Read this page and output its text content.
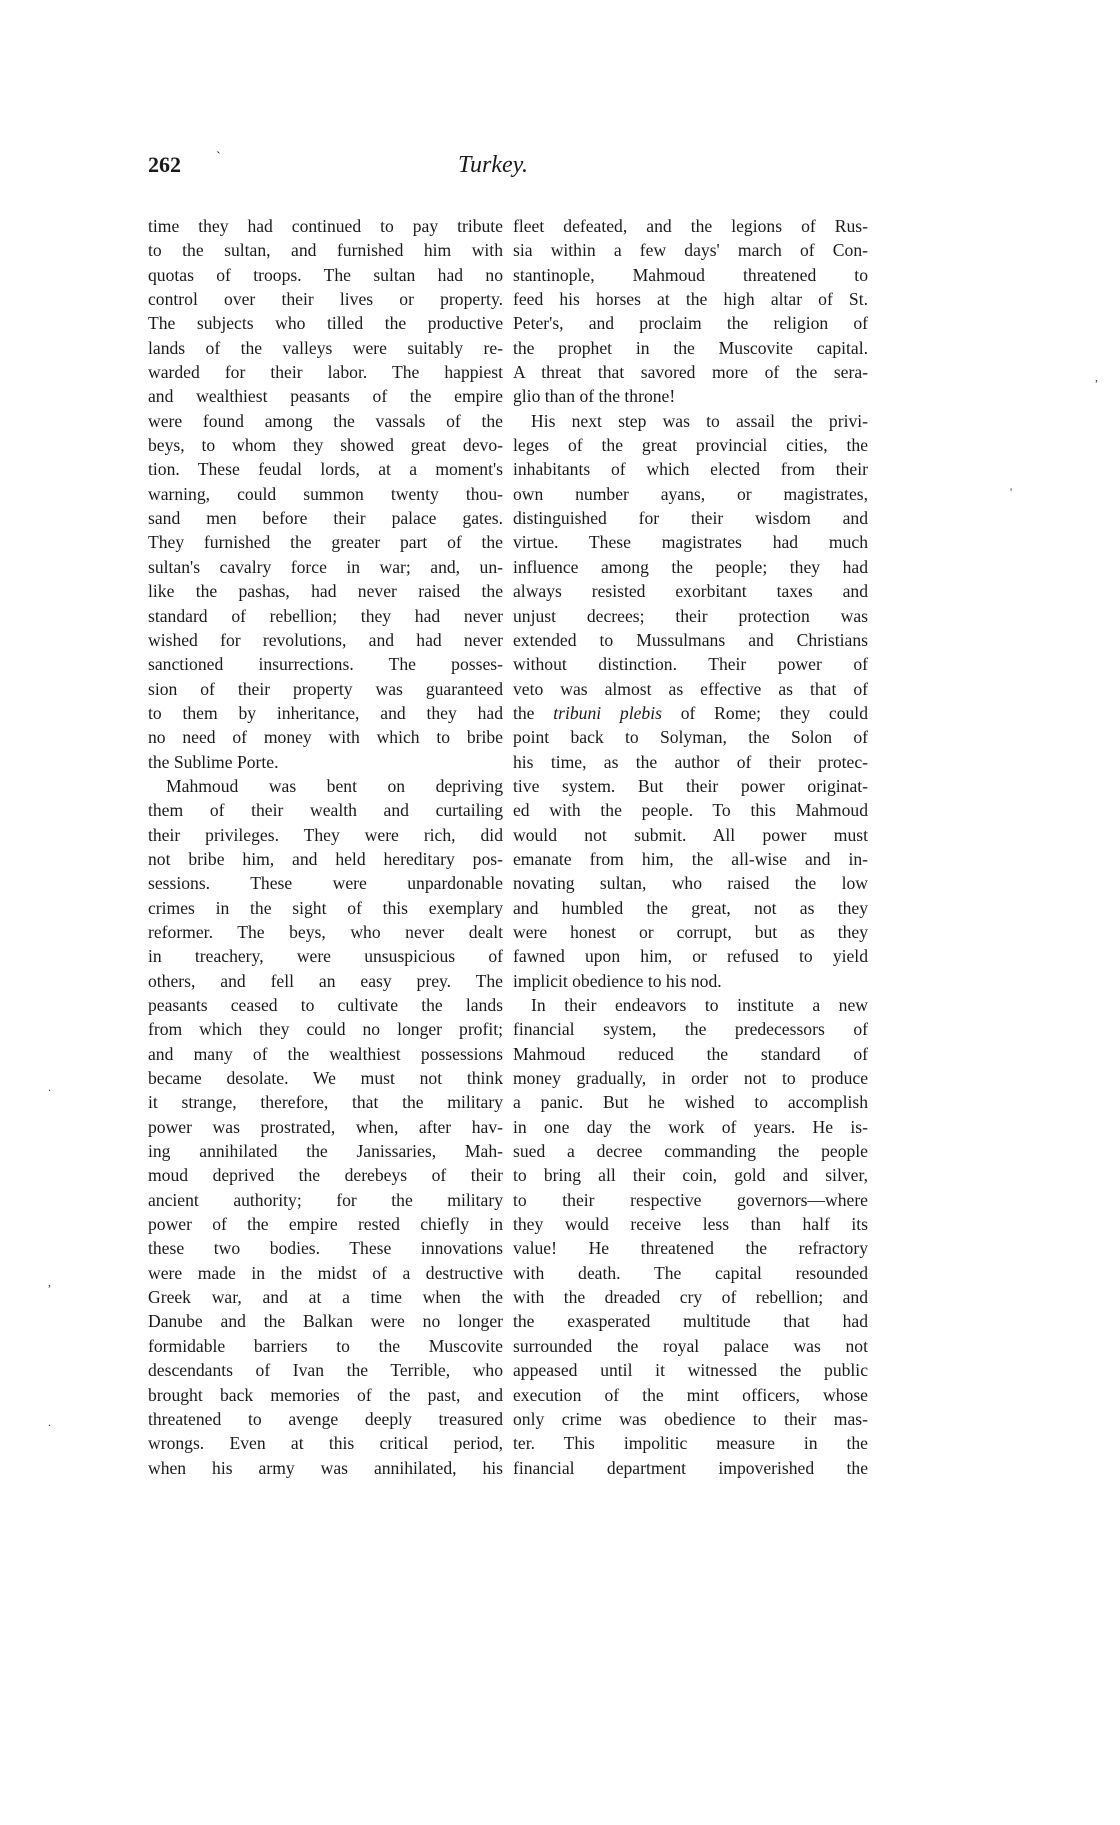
262	`	Turkey.
time they had continued to pay tribute
to the sultan, and furnished him with
quotas of troops. The sultan had no
control over their lives or property.
The subjects who tilled the productive
lands of the valleys were suitably re-
warded for their labor. The happiest
and wealthiest peasants of the empire
were found among the vassals of the
beys, to whom they showed great devo-
tion. These feudal lords, at a moment's
warning, could summon twenty thou-
sand men before their palace gates.
They furnished the greater part of the
sultan's cavalry force in war; and, un-
like the pashas, had never raised the
standard of rebellion; they had never
wished for revolutions, and had never
sanctioned insurrections. The posses-
sion of their property was guaranteed
to them by inheritance, and they had
no need of money with which to bribe
the Sublime Porte.
Mahmoud was bent on depriving
them of their wealth and curtailing
their privileges. They were rich, did
not bribe him, and held hereditary pos-
sessions. These were unpardonable
crimes in the sight of this exemplary
reformer. The beys, who never dealt
in treachery, were unsuspicious of
others, and fell an easy prey. The
peasants ceased to cultivate the lands
from which they could no longer profit;
and many of the wealthiest possessions
became desolate. We must not think
it strange, therefore, that the military
power was prostrated, when, after hav-
ing annihilated the Janissaries, Mah-
moud deprived the derebeys of their
ancient authority; for the military
power of the empire rested chiefly in
these two bodies. These innovations
were made in the midst of a destructive
Greek war, and at a time when the
Danube and the Balkan were no longer
formidable barriers to the Muscovite
descendants of Ivan the Terrible, who
brought back memories of the past, and
threatened to avenge deeply treasured
wrongs. Even at this critical period,
when his army was annihilated, his
fleet defeated, and the legions of Rus-
sia within a few days' march of Con-
stantinople, Mahmoud threatened to
feed his horses at the high altar of St.
Peter's, and proclaim the religion of
the prophet in the Muscovite capital.
A threat that savored more of the sera-
glio than of the throne!
His next step was to assail the privi-
leges of the great provincial cities, the
inhabitants of which elected from their
own number ayans, or magistrates,
distinguished for their wisdom and
virtue. These magistrates had much
influence among the people; they had
always resisted exorbitant taxes and
unjust decrees; their protection was
extended to Mussulmans and Christians
without distinction. Their power of
veto was almost as effective as that of
the tribuni plebis of Rome; they could
point back to Solyman, the Solon of
his time, as the author of their protec-
tive system. But their power originat-
ed with the people. To this Mahmoud
would not submit. All power must
emanate from him, the all-wise and in-
novating sultan, who raised the low
and humbled the great, not as they
were honest or corrupt, but as they
fawned upon him, or refused to yield
implicit obedience to his nod.
In their endeavors to institute a new
financial system, the predecessors of
Mahmoud reduced the standard of
money gradually, in order not to produce
a panic. But he wished to accomplish
in one day the work of years. He is-
sued a decree commanding the people
to bring all their coin, gold and silver,
to their respective governors—where
they would receive less than half its
value! He threatened the refractory
with death. The capital resounded
with the dreaded cry of rebellion; and
the exasperated multitude that had
surrounded the royal palace was not
appeased until it witnessed the public
execution of the mint officers, whose
only crime was obedience to their mas-
ter. This impolitic measure in the
financial department impoverished the
,
'
.
,
.
